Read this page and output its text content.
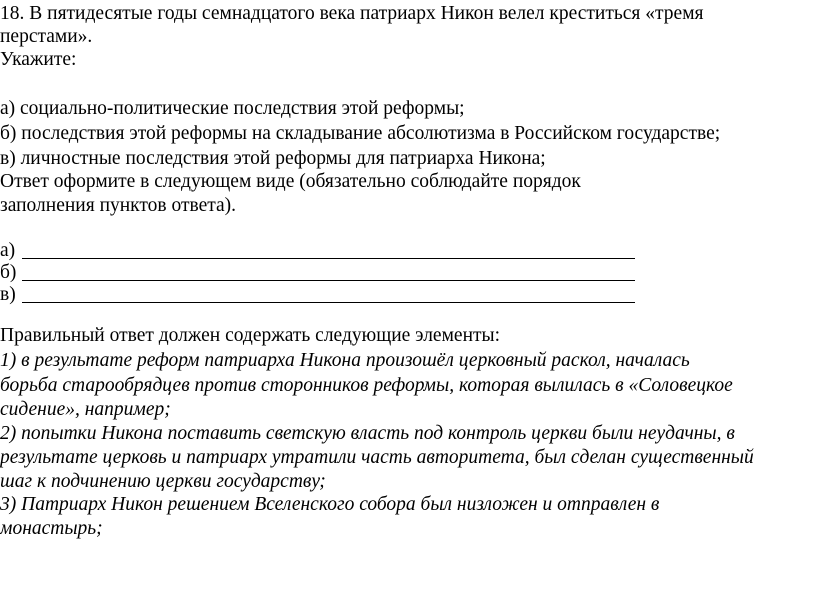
18. В пятидесятые годы семнадцатого века патриарх Никон велел креститься «тремя
перстами».
Укажите:
а) социально-политические последствия этой реформы;
б) последствия этой реформы на складывание абсолютизма в Российском государстве;
в) личностные последствия этой реформы для патриарха Никона;
Ответ оформите в следующем виде (обязательно соблюдайте порядок
заполнения пунктов ответа).
а)
б)
в)
Правильный ответ должен содержать следующие элементы:
1) в результате реформ патриарха Никона произошёл церковный раскол, началась
борьба старообрядцев против сторонников реформы, которая вылилась в «Соловецкое
сидение», например;
2) попытки Никона поставить светскую власть под контроль церкви были неудачны, в
результате церковь и патриарх утратили часть авторитета, был сделан существенный
шаг к подчинению церкви государству;
3) Патриарх Никон решением Вселенского собора был низложен и отправлен в
монастырь;
